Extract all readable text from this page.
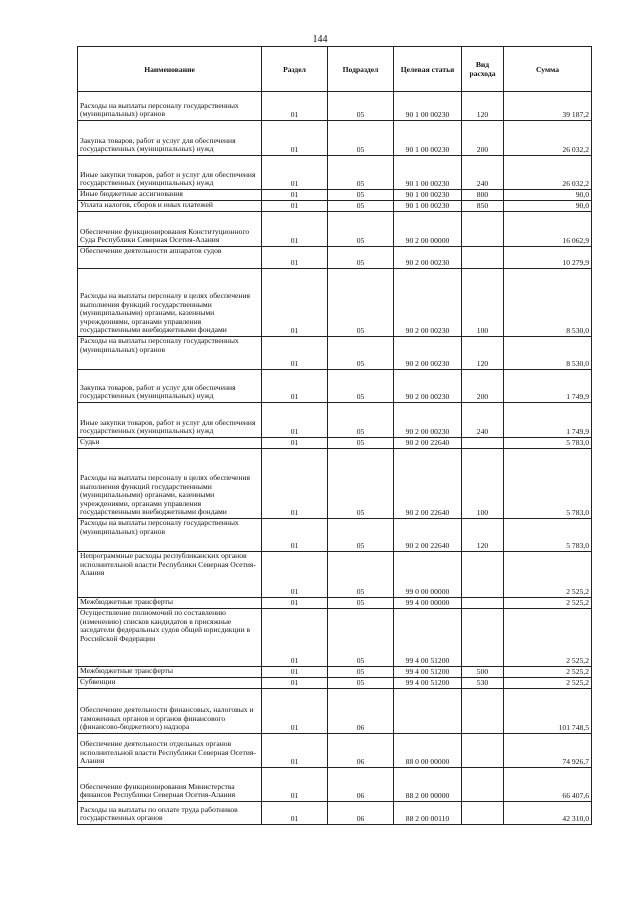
144
Наименование	Раздел	Подраздел	Целевая статья	Вид расхода	Сумма
Расходы на выплаты персоналу государственных (муниципальных) органов	01	05	90 1 00 00230	120	39 187,2
Закупка товаров, работ и услуг для обеспечения государственных (муниципальных) нужд	01	05	90 1 00 00230	200	26 032,2
Иные закупки товаров, работ и услуг для обеспечения государственных (муниципальных) нужд	01	05	90 1 00 00230	240	26 032,2
Иные бюджетные ассигнования	01	05	90 1 00 00230	800	90,0
Уплата налогов, сборов и иных платежей	01	05	90 1 00 00230	850	90,0
Обеспечение функционирования Конституционного Суда Республики Северная Осетия-Алания	01	05	90 2 00 00000		16 062,9
Обеспечение деятельности аппаратов судов	01	05	90 2 00 00230		10 279,9
Расходы на выплаты персоналу в целях обеспечения выполнения функций государственными (муниципальными) органами, казенными учреждениями, органами управления государственными внебюджетными фондами	01	05	90 2 00 00230	100	8 530,0
Расходы на выплаты персоналу государственных (муниципальных) органов	01	05	90 2 00 00230	120	8 530,0
Закупка товаров, работ и услуг для обеспечения государственных (муниципальных) нужд	01	05	90 2 00 00230	200	1 749,9
Иные закупки товаров, работ и услуг для обеспечения государственных (муниципальных) нужд	01	05	90 2 00 00230	240	1 749,9
Судьи	01	05	90 2 00 22640		5 783,0
Расходы на выплаты персоналу в целях обеспечения выполнения функций государственными (муниципальными) органами, казенными учреждениями, органами управления государственными внебюджетными фондами	01	05	90 2 00 22640	100	5 783,0
Расходы на выплаты персоналу государственных (муниципальных) органов	01	05	90 2 00 22640	120	5 783,0
Непрограммные расходы республиканских органов исполнительной власти Республики Северная Осетия-Алания	01	05	99 0 00 00000		2 525,2
Межбюджетные трансферты	01	05	99 4 00 00000		2 525,2
Осуществление полномочий по составлению (изменению) списков кандидатов в присяжные заседатели федеральных судов общей юрисдикции в Российской Федерации	01	05	99 4 00 51200		2 525,2
Межбюджетные трансферты	01	05	99 4 00 51200	500	2 525,2
Субвенции	01	05	99 4 00 51200	530	2 525,2
Обеспечение деятельности финансовых, налоговых и таможенных органов и органов финансового (финансово-бюджетного) надзора	01	06			101 748,5
Обеспечение деятельности отдельных органов исполнительной власти Республики Северная Осетия-Алания	01	06	88 0 00 00000		74 926,7
Обеспечение функционирования Министерства финансов Республики Северная Осетия-Алания	01	06	88 2 00 00000		66 407,6
Расходы на выплаты по оплате труда работников государственных органов	01	06	88 2 00 00110		42 310,0
